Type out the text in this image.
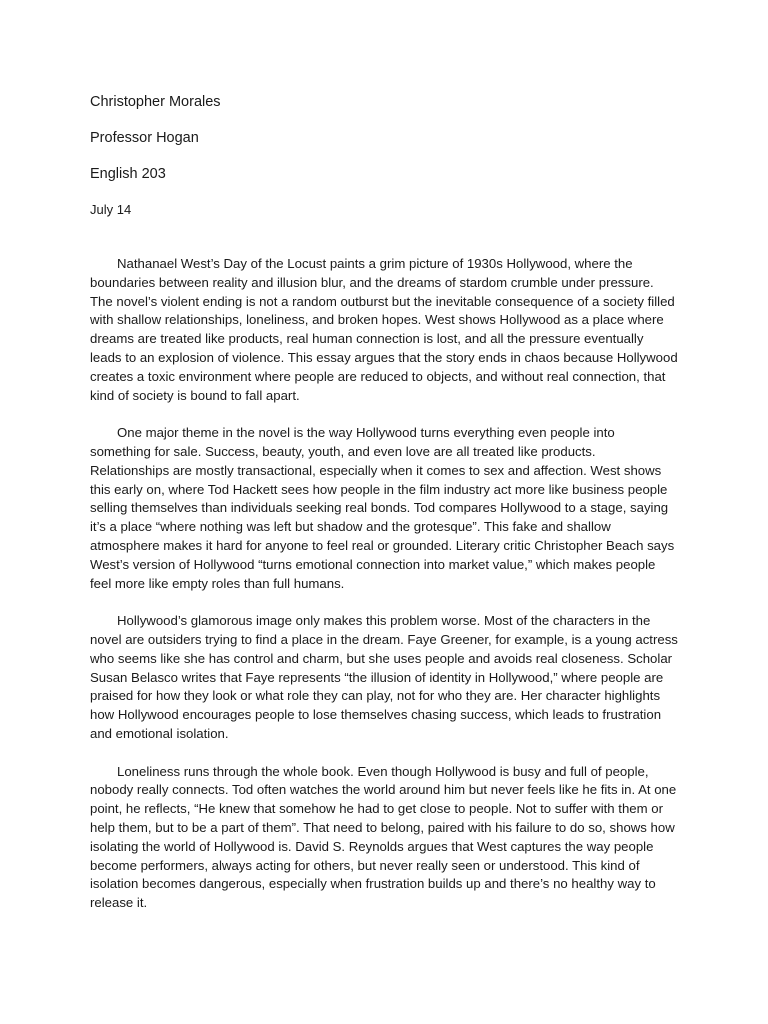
Christopher Morales
Professor Hogan
English 203
July 14

Nathanael West’s Day of the Locust paints a grim picture of 1930s Hollywood, where the boundaries between reality and illusion blur, and the dreams of stardom crumble under pressure. The novel’s violent ending is not a random outburst but the inevitable consequence of a society filled with shallow relationships, loneliness, and broken hopes. West shows Hollywood as a place where dreams are treated like products, real human connection is lost, and all the pressure eventually leads to an explosion of violence. This essay argues that the story ends in chaos because Hollywood creates a toxic environment where people are reduced to objects, and without real connection, that kind of society is bound to fall apart.

One major theme in the novel is the way Hollywood turns everything even people into something for sale. Success, beauty, youth, and even love are all treated like products. Relationships are mostly transactional, especially when it comes to sex and affection. West shows this early on, where Tod Hackett sees how people in the film industry act more like business people selling themselves than individuals seeking real bonds. Tod compares Hollywood to a stage, saying it’s a place “where nothing was left but shadow and the grotesque”. This fake and shallow atmosphere makes it hard for anyone to feel real or grounded. Literary critic Christopher Beach says West’s version of Hollywood “turns emotional connection into market value,” which makes people feel more like empty roles than full humans.

Hollywood’s glamorous image only makes this problem worse. Most of the characters in the novel are outsiders trying to find a place in the dream. Faye Greener, for example, is a young actress who seems like she has control and charm, but she uses people and avoids real closeness. Scholar Susan Belasco writes that Faye represents “the illusion of identity in Hollywood,” where people are praised for how they look or what role they can play, not for who they are. Her character highlights how Hollywood encourages people to lose themselves chasing success, which leads to frustration and emotional isolation.

Loneliness runs through the whole book. Even though Hollywood is busy and full of people, nobody really connects. Tod often watches the world around him but never feels like he fits in. At one point, he reflects, “He knew that somehow he had to get close to people. Not to suffer with them or help them, but to be a part of them”. That need to belong, paired with his failure to do so, shows how isolating the world of Hollywood is. David S. Reynolds argues that West captures the way people become performers, always acting for others, but never really seen or understood. This kind of isolation becomes dangerous, especially when frustration builds up and there’s no healthy way to release it.
